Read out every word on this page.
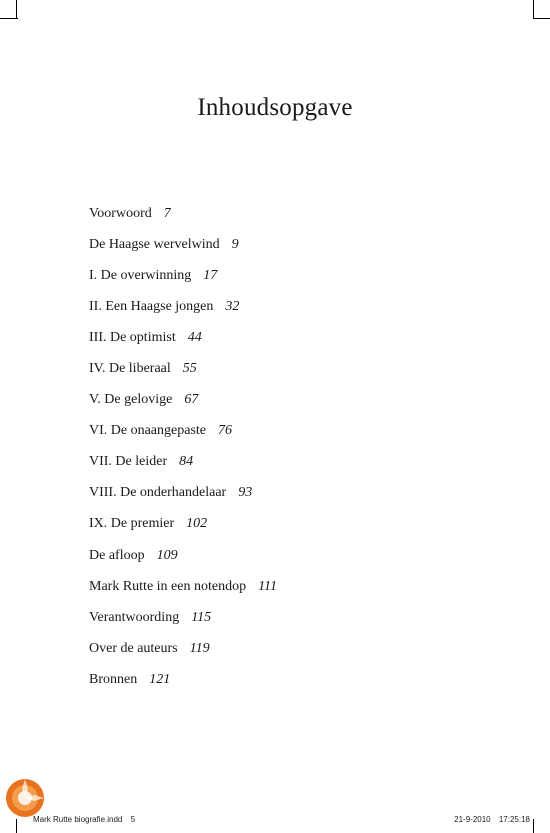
Inhoudsopgave
Voorwoord 7
De Haagse wervelwind 9
I. De overwinning 17
II. Een Haagse jongen 32
III. De optimist 44
IV. De liberaal 55
V. De gelovige 67
VI. De onaangepaste 76
VII. De leider 84
VIII. De onderhandelaar 93
IX. De premier 102
De afloop 109
Mark Rutte in een notendop 111
Verantwoording 115
Over de auteurs 119
Bronnen 121
Mark Rutte biografie.indd 5	21-9-2010 17:25:18
